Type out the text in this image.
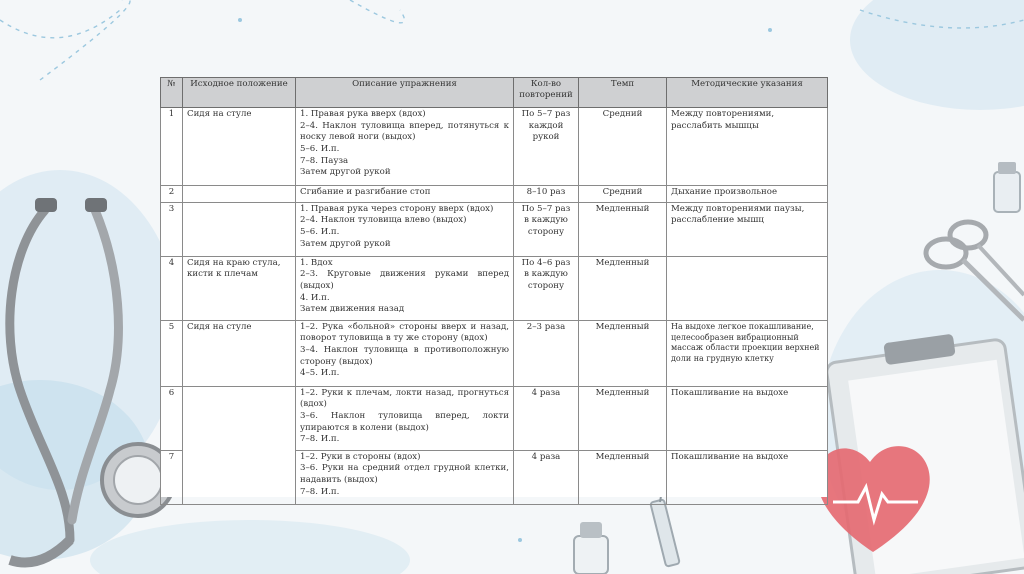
№	Исходное положение	Описание упражнения	Кол-во повторений	Темп	Методические указания
1	Сидя на стуле	1. Правая рука вверх (вдох)
2–4. Наклон туловища вперед, потянуться к носку левой ноги (выдох)
5–6. И.п.
7–8. Пауза
Затем другой рукой	По 5–7 раз каждой рукой	Средний	Между повторениями, расслабить мышцы
2		Сгибание и разгибание стоп	8–10 раз	Средний	Дыхание произвольное
3		1. Правая рука через сторону вверх (вдох)
2–4. Наклон туловища влево (выдох)
5–6. И.п.
Затем другой рукой	По 5–7 раз в каждую сторону	Медленный	Между повторениями паузы, расслабление мышц
4	Сидя на краю стула, кисти к плечам	1. Вдох
2–3. Круговые движения руками вперед (выдох)
4. И.п.
Затем движения назад	По 4–6 раз в каждую сторону	Медленный	
5	Сидя на стуле	1–2. Рука «больной» стороны вверх и назад, поворот туловища в ту же сторону (вдох)
3–4. Наклон туловища в противоположную сторону (выдох)
4–5. И.п.	2–3 раза	Медленный	На выдохе легкое покашливание, целесообразен вибрационный массаж области проекции верхней доли на грудную клетку
6		1–2. Руки к плечам, локти назад, прогнуться (вдох)
3–6. Наклон туловища вперед, локти упираются в колени (выдох)
7–8. И.п.	4 раза	Медленный	Покашливание на выдохе
7		1–2. Руки в стороны (вдох)
3–6. Руки на средний отдел грудной клетки, надавить (выдох)
7–8. И.п.	4 раза	Медленный	Покашливание на выдохе
